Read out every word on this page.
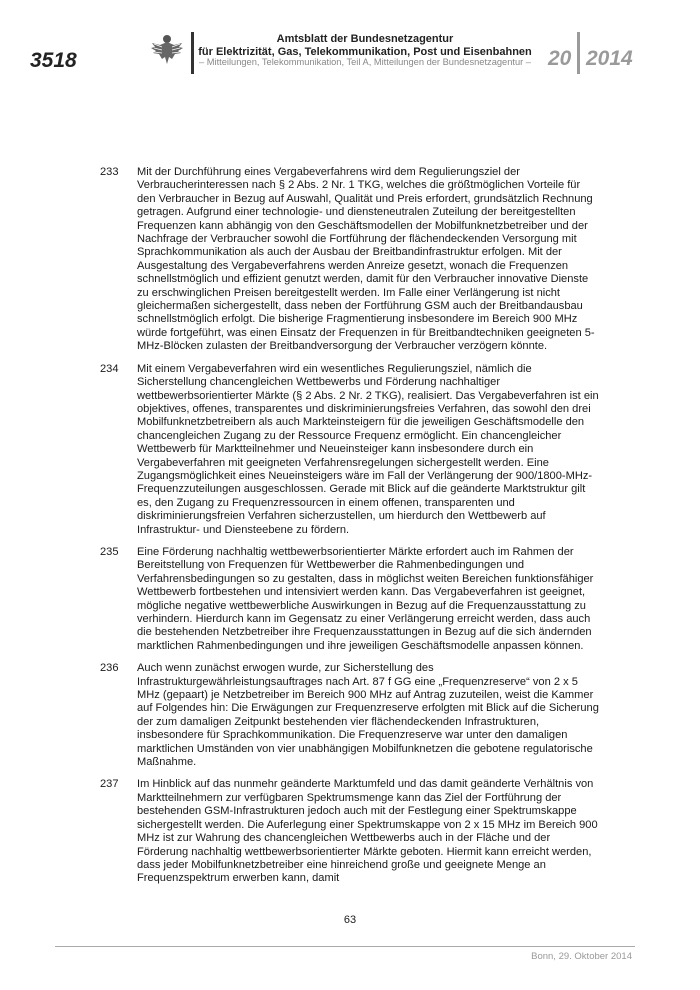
3518
Amtsblatt der Bundesnetzagentur
für Elektrizität, Gas, Telekommunikation, Post und Eisenbahnen
– Mitteilungen, Telekommunikation, Teil A, Mitteilungen der Bundesnetzagentur – 20 2014
233	Mit der Durchführung eines Vergabeverfahrens wird dem Regulierungsziel der Verbraucherinteressen nach § 2 Abs. 2 Nr. 1 TKG, welches die größtmöglichen Vorteile für den Verbraucher in Bezug auf Auswahl, Qualität und Preis erfordert, grundsätzlich Rechnung getragen. Aufgrund einer technologie- und diensteneutralen Zuteilung der bereitgestellten Frequenzen kann abhängig von den Geschäftsmodellen der Mobilfunknetzbetreiber und der Nachfrage der Verbraucher sowohl die Fortführung der flächendeckenden Versorgung mit Sprachkommunikation als auch der Ausbau der Breitbandinfrastruktur erfolgen. Mit der Ausgestaltung des Vergabeverfahrens werden Anreize gesetzt, wonach die Frequenzen schnellstmöglich und effizient genutzt werden, damit für den Verbraucher innovative Dienste zu erschwinglichen Preisen bereitgestellt werden. Im Falle einer Verlängerung ist nicht gleichermaßen sichergestellt, dass neben der Fortführung GSM auch der Breitbandausbau schnellstmöglich erfolgt. Die bisherige Fragmentierung insbesondere im Bereich 900 MHz würde fortgeführt, was einen Einsatz der Frequenzen in für Breitbandtechniken geeigneten 5-MHz-Blöcken zulasten der Breitbandversorgung der Verbraucher verzögern könnte.
234	Mit einem Vergabeverfahren wird ein wesentliches Regulierungsziel, nämlich die Sicherstellung chancengleichen Wettbewerbs und Förderung nachhaltiger wettbewerbsorientierter Märkte (§ 2 Abs. 2 Nr. 2 TKG), realisiert. Das Vergabeverfahren ist ein objektives, offenes, transparentes und diskriminierungsfreies Verfahren, das sowohl den drei Mobilfunknetzbetreibern als auch Markteinsteigern für die jeweiligen Geschäftsmodelle den chancengleichen Zugang zu der Ressource Frequenz ermöglicht. Ein chancengleicher Wettbewerb für Marktteilnehmer und Neueinsteiger kann insbesondere durch ein Vergabeverfahren mit geeigneten Verfahrensregelungen sichergestellt werden. Eine Zugangsmöglichkeit eines Neueinsteigers wäre im Fall der Verlängerung der 900/1800-MHz-Frequenzzuteilungen ausgeschlossen. Gerade mit Blick auf die geänderte Marktstruktur gilt es, den Zugang zu Frequenzressourcen in einem offenen, transparenten und diskriminierungsfreien Verfahren sicherzustellen, um hierdurch den Wettbewerb auf Infrastruktur- und Diensteebene zu fördern.
235	Eine Förderung nachhaltig wettbewerbsorientierter Märkte erfordert auch im Rahmen der Bereitstellung von Frequenzen für Wettbewerber die Rahmenbedingungen und Verfahrensbedingungen so zu gestalten, dass in möglichst weiten Bereichen funktionsfähiger Wettbewerb fortbestehen und intensiviert werden kann. Das Vergabeverfahren ist geeignet, mögliche negative wettbewerbliche Auswirkungen in Bezug auf die Frequenzausstattung zu verhindern. Hierdurch kann im Gegensatz zu einer Verlängerung erreicht werden, dass auch die bestehenden Netzbetreiber ihre Frequenzausstattungen in Bezug auf die sich ändernden marktlichen Rahmenbedingungen und ihre jeweiligen Geschäftsmodelle anpassen können.
236	Auch wenn zunächst erwogen wurde, zur Sicherstellung des Infrastrukturgewährleistungsauftrages nach Art. 87 f GG eine „Frequenzreserve“ von 2 x 5 MHz (gepaart) je Netzbetreiber im Bereich 900 MHz auf Antrag zuzuteilen, weist die Kammer auf Folgendes hin: Die Erwägungen zur Frequenzreserve erfolgten mit Blick auf die Sicherung der zum damaligen Zeitpunkt bestehenden vier flächendeckenden Infrastrukturen, insbesondere für Sprachkommunikation. Die Frequenzreserve war unter den damaligen marktlichen Umständen von vier unabhängigen Mobilfunknetzen die gebotene regulatorische Maßnahme.
237	Im Hinblick auf das nunmehr geänderte Marktumfeld und das damit geänderte Verhältnis von Marktteilnehmern zur verfügbaren Spektrumsmenge kann das Ziel der Fortführung der bestehenden GSM-Infrastrukturen jedoch auch mit der Festlegung einer Spektrumskappe sichergestellt werden. Die Auferlegung einer Spektrumskappe von 2 x 15 MHz im Bereich 900 MHz ist zur Wahrung des chancengleichen Wettbewerbs auch in der Fläche und der Förderung nachhaltig wettbewerbsorientierter Märkte geboten. Hiermit kann erreicht werden, dass jeder Mobilfunknetzbetreiber eine hinreichend große und geeignete Menge an Frequenzspektrum erwerben kann, damit
63
Bonn, 29. Oktober 2014
